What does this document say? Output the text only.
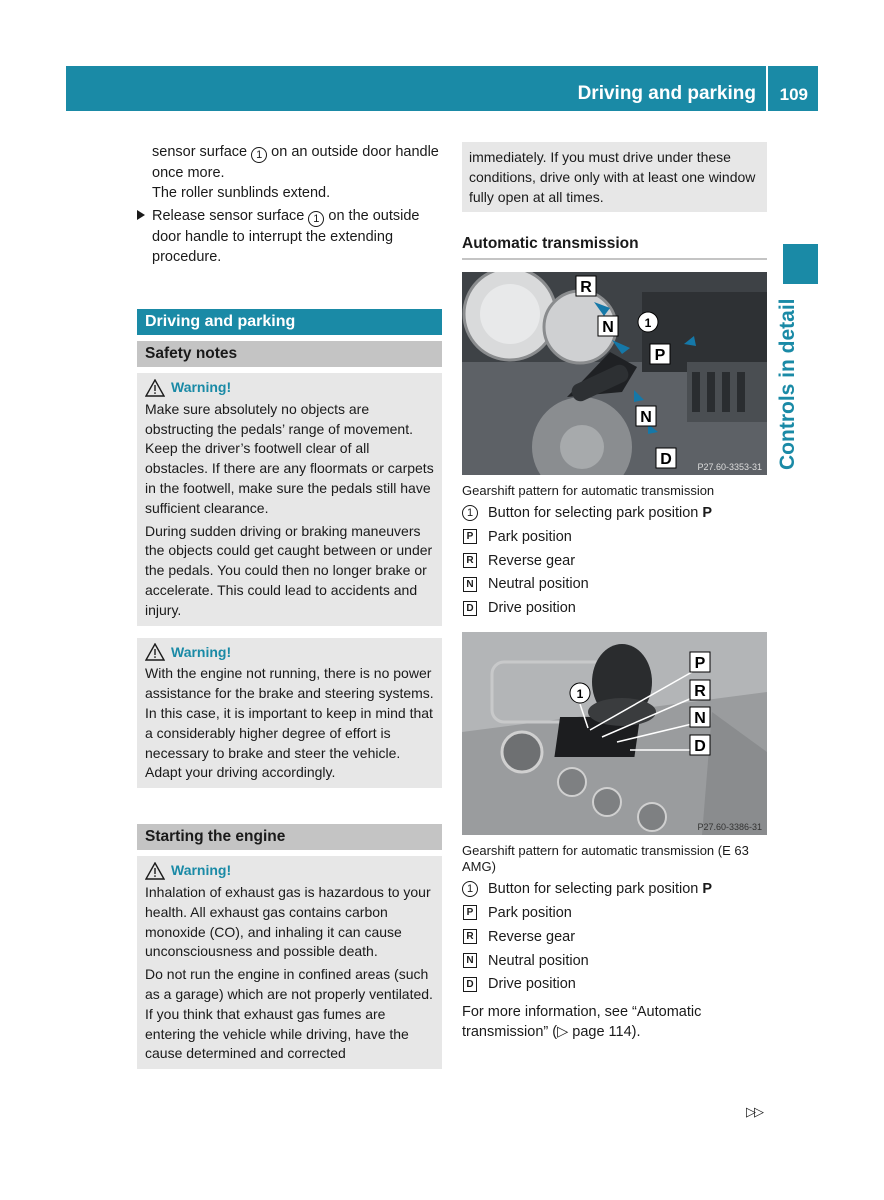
Driving and parking 109
Controls in detail
sensor surface 1 on an outside door handle once more.
The roller sunblinds extend.
Release sensor surface 1 on the outside door handle to interrupt the extending procedure.
Driving and parking
Safety notes
Warning!

Make sure absolutely no objects are obstructing the pedals’ range of movement. Keep the driver’s footwell clear of all obstacles. If there are any floormats or carpets in the footwell, make sure the pedals still have sufficient clearance.

During sudden driving or braking maneuvers the objects could get caught between or under the pedals. You could then no longer brake or accelerate. This could lead to accidents and injury.

Warning!

With the engine not running, there is no power assistance for the brake and steering systems. In this case, it is important to keep in mind that a considerably higher degree of effort is necessary to brake and steer the vehicle. Adapt your driving accordingly.

Starting the engine
Warning!

Inhalation of exhaust gas is hazardous to your health. All exhaust gas contains carbon monoxide (CO), and inhaling it can cause unconsciousness and possible death.

Do not run the engine in confined areas (such as a garage) which are not properly ventilated. If you think that exhaust gas fumes are entering the vehicle while driving, have the cause determined and corrected

immediately. If you must drive under these conditions, drive only with at least one window fully open at all times.
Automatic transmission
R
N	1
P
N
D	P27.60-3353-31
Gearshift pattern for automatic transmission
1	Button for selecting park position P
P Park position
R Reverse gear
N Neutral position
D Drive position
P
R
N
D
1
P27.60-3386-31
Gearshift pattern for automatic transmission (E 63 AMG)
1	Button for selecting park position P
P Park position
R Reverse gear
N Neutral position
D Drive position
For more information, see “Automatic transmission” (▷ page 114).
▷▷
